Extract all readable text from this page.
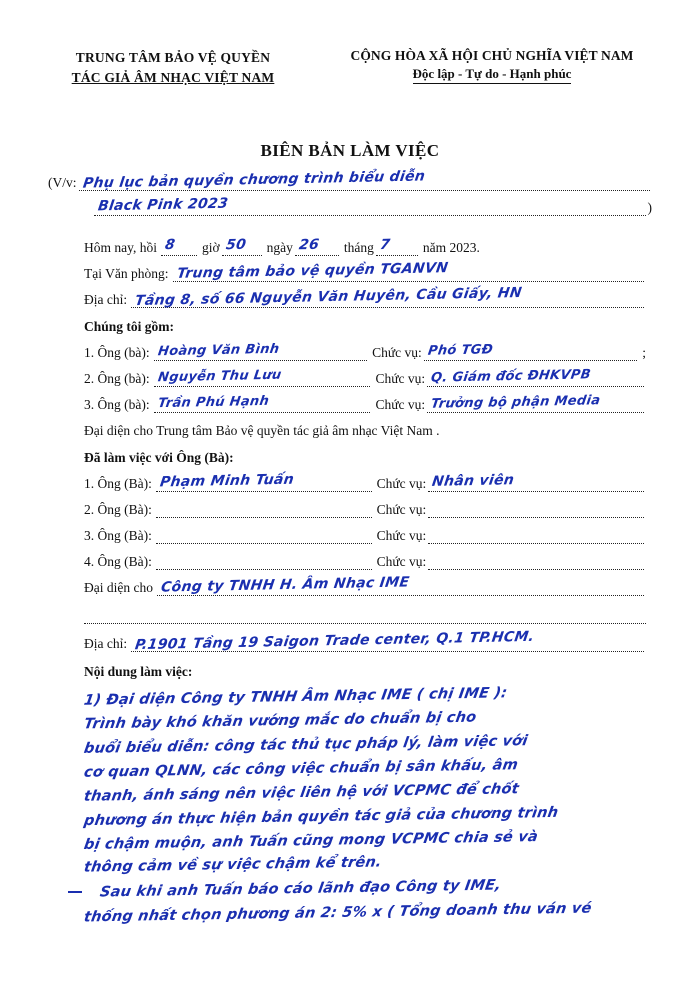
TRUNG TÂM BẢO VỆ QUYỀN
TÁC GIẢ ÂM NHẠC VIỆT NAM
CỘNG HÒA XÃ HỘI CHỦ NGHĨA VIỆT NAM
Độc lập - Tự do - Hạnh phúc
BIÊN BẢN LÀM VIỆC
(V/v: Phụ lục bản quyền chương trình biểu diễn
Black Pink 2023	)
Hôm nay, hồi 8 giờ 50 ngày 26 tháng 7 năm 2023.
Tại Văn phòng: Trung tâm bảo vệ quyền TGANVN
Địa chỉ: Tầng 8, số 66 Nguyễn Văn Huyên, Cầu Giấy, HN
Chúng tôi gồm:
1. Ông (bà): Hoàng Văn Bình	Chức vụ: Phó TGĐ	;
2. Ông (bà): Nguyễn Thu Lưu	Chức vụ: Q. Giám đốc ĐHKVPB
3. Ông (bà): Trần Phú Hạnh	Chức vụ: Trưởng bộ phận Media
Đại diện cho Trung tâm Bảo vệ quyền tác giả âm nhạc Việt Nam .
Đã làm việc với Ông (Bà):
1. Ông (Bà): Phạm Minh Tuấn	Chức vụ: Nhân viên
2. Ông (Bà):	Chức vụ:
3. Ông (Bà):	Chức vụ:
4. Ông (Bà):	Chức vụ:
Đại diện cho Công ty TNHH H. Âm Nhạc IME
Địa chỉ: P.1901 Tầng 19 Saigon Trade center, Q.1 TP.HCM.
Nội dung làm việc:
1) Đại diện Công ty TNHH Âm Nhạc IME ( chị IME ):
Trình bày khó khăn vướng mắc do chuẩn bị cho
buổi biểu diễn: công tác thủ tục pháp lý, làm việc với
cơ quan QLNN, các công việc chuẩn bị sân khấu, âm
thanh, ánh sáng nên việc liên hệ với VCPMC để chốt
phương án thực hiện bản quyền tác giả của chương trình
bị chậm muộn, anh Tuấn cũng mong VCPMC chia sẻ và
thông cảm về sự việc chậm kể trên.
Sau khi anh Tuấn báo cáo lãnh đạo Công ty IME,
thống nhất chọn phương án 2: 5% x ( Tổng doanh thu ván vé
